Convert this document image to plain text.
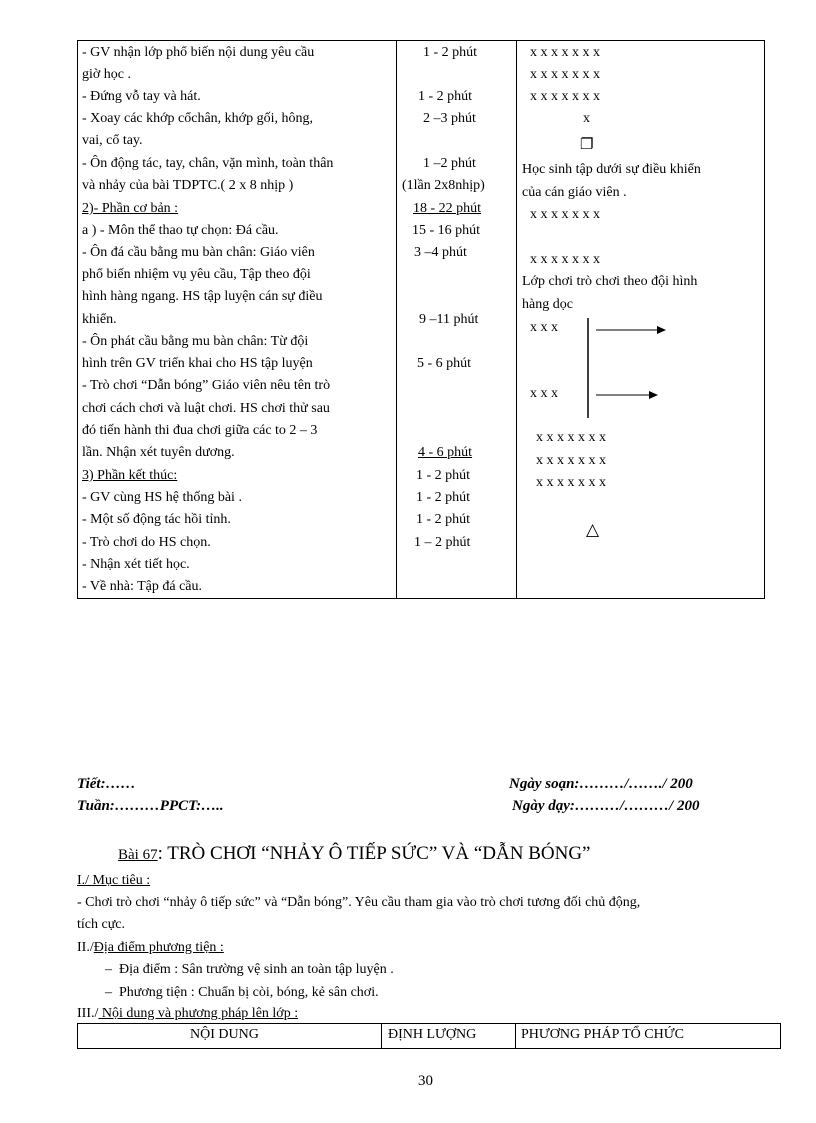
- GV nhận lớp phổ biến nội dung yêu cầu
giờ học .
- Đứng vỗ tay và hát.
- Xoay các khớp cổchân, khớp gối, hông,
vai, cổ tay.
- Ôn động tác, tay, chân, vặn mình, toàn thân
và nhảy của bài TDPTC.( 2 x 8 nhịp )
2)- Phần cơ bản :
a ) - Môn thể thao tự chọn: Đá cầu.
- Ôn đá cầu bằng mu bàn chân: Giáo viên
phổ biến nhiệm vụ yêu cầu, Tập theo đội
hình hàng ngang. HS tập luyện cán sự điều
khiển.
- Ôn phát cầu bằng mu bàn chân: Từ đội
hình trên GV triển khai cho HS tập luyện
- Trò chơi “Dẫn bóng” Giáo viên nêu tên trò
chơi cách chơi và luật chơi. HS chơi thử sau
đó tiến hành thi đua chơi giữa các to 2 – 3
lần. Nhận xét tuyên dương.
3) Phần kết thúc:
- GV cùng HS hệ thống bài .
- Một số động tác hồi tỉnh.
- Trò chơi do HS chọn.
- Nhận xét tiết học.
- Về nhà: Tập đá cầu.
1 - 2 phút
1 - 2 phút
2 –3 phút
1 –2 phút
(1lần 2x8nhịp)
18 - 22 phút
15 - 16 phút
3 –4 phút
9 –11 phút
5 - 6 phút
4 - 6 phút
1 - 2 phút
1 - 2 phút
1 - 2 phút
1 – 2 phút
x x x x x x x
x x x x x x x
x x x x x x x
x
❐
Học sinh tập dưới sự điều khiển
của cán giáo viên .
x x x x x x x
x x x x x x x
Lớp chơi trò chơi theo đội hình
hàng dọc
x x x
x x x
x x x x x x x
x x x x x x x
x x x x x x x
△
Tiết:……
Tuần:………PPCT:…..
Ngày soạn:………/……./ 200
Ngày dạy:………/………/ 200
Bài 67: TRÒ CHƠI “NHẢY Ô TIẾP SỨC” VÀ “DẪN BÓNG”
I./ Mục tiêu :
- Chơi trò chơi “nhảy ô tiếp sức” và “Dẫn bóng”. Yêu cầu tham gia vào trò chơi tương đối chủ động,
tích cực.
II./Địa điểm phương tiện :
– Địa điểm : Sân trường vệ sinh an toàn tập luyện .
– Phương tiện : Chuẩn bị còi, bóng, kẻ sân chơi.
III./ Nội dung và phương pháp lên lớp :
NỘI DUNG	ĐỊNH LƯỢNG	PHƯƠNG PHÁP TỔ CHỨC
30
